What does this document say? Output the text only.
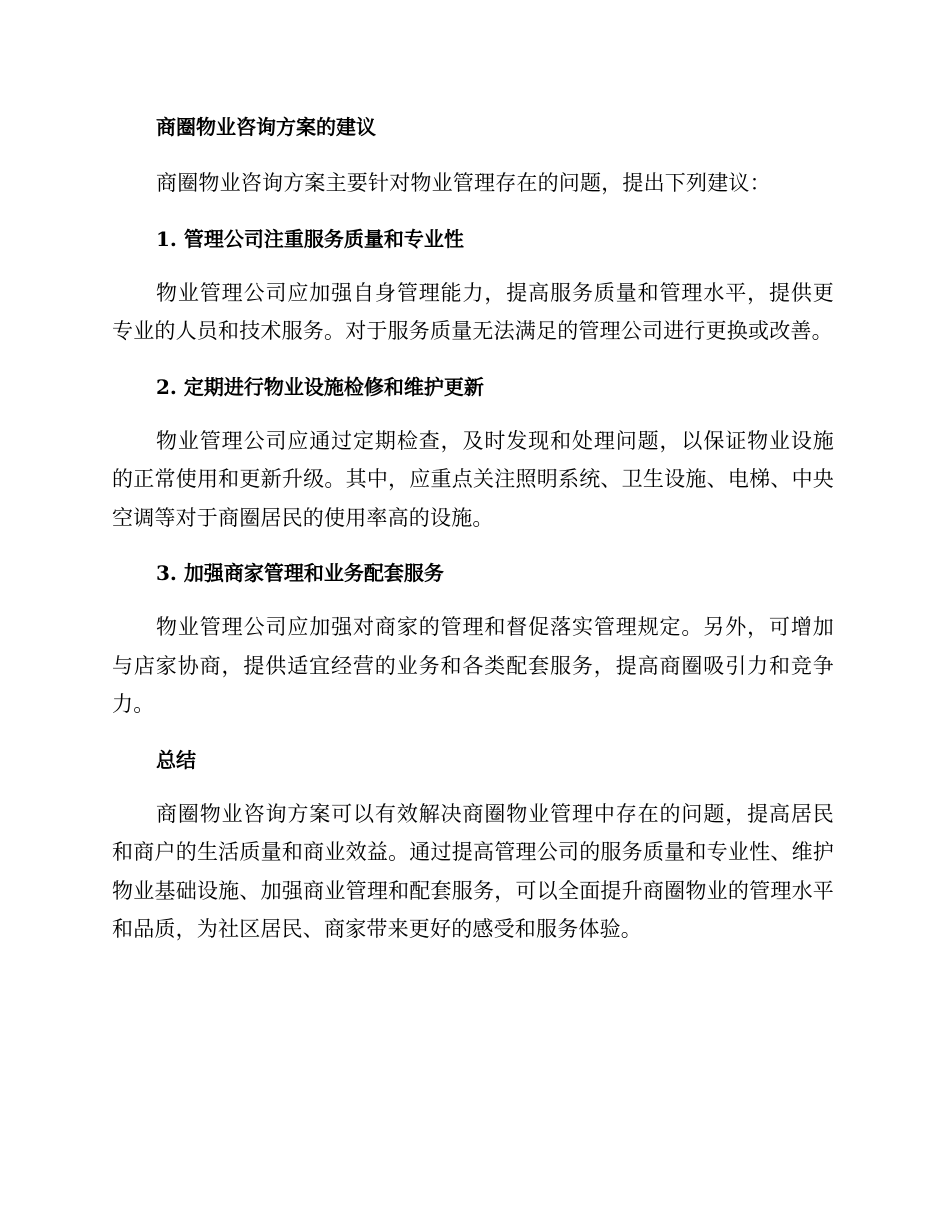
商圈物业咨询方案的建议

商圈物业咨询方案主要针对物业管理存在的问题，提出下列建议：

1. 管理公司注重服务质量和专业性

物业管理公司应加强自身管理能力，提高服务质量和管理水平，提供更专业的人员和技术服务。对于服务质量无法满足的管理公司进行更换或改善。

2. 定期进行物业设施检修和维护更新

物业管理公司应通过定期检查，及时发现和处理问题，以保证物业设施的正常使用和更新升级。其中，应重点关注照明系统、卫生设施、电梯、中央空调等对于商圈居民的使用率高的设施。

3. 加强商家管理和业务配套服务

物业管理公司应加强对商家的管理和督促落实管理规定。另外，可增加与店家协商，提供适宜经营的业务和各类配套服务，提高商圈吸引力和竞争力。

总结

商圈物业咨询方案可以有效解决商圈物业管理中存在的问题，提高居民和商户的生活质量和商业效益。通过提高管理公司的服务质量和专业性、维护物业基础设施、加强商业管理和配套服务，可以全面提升商圈物业的管理水平和品质，为社区居民、商家带来更好的感受和服务体验。
